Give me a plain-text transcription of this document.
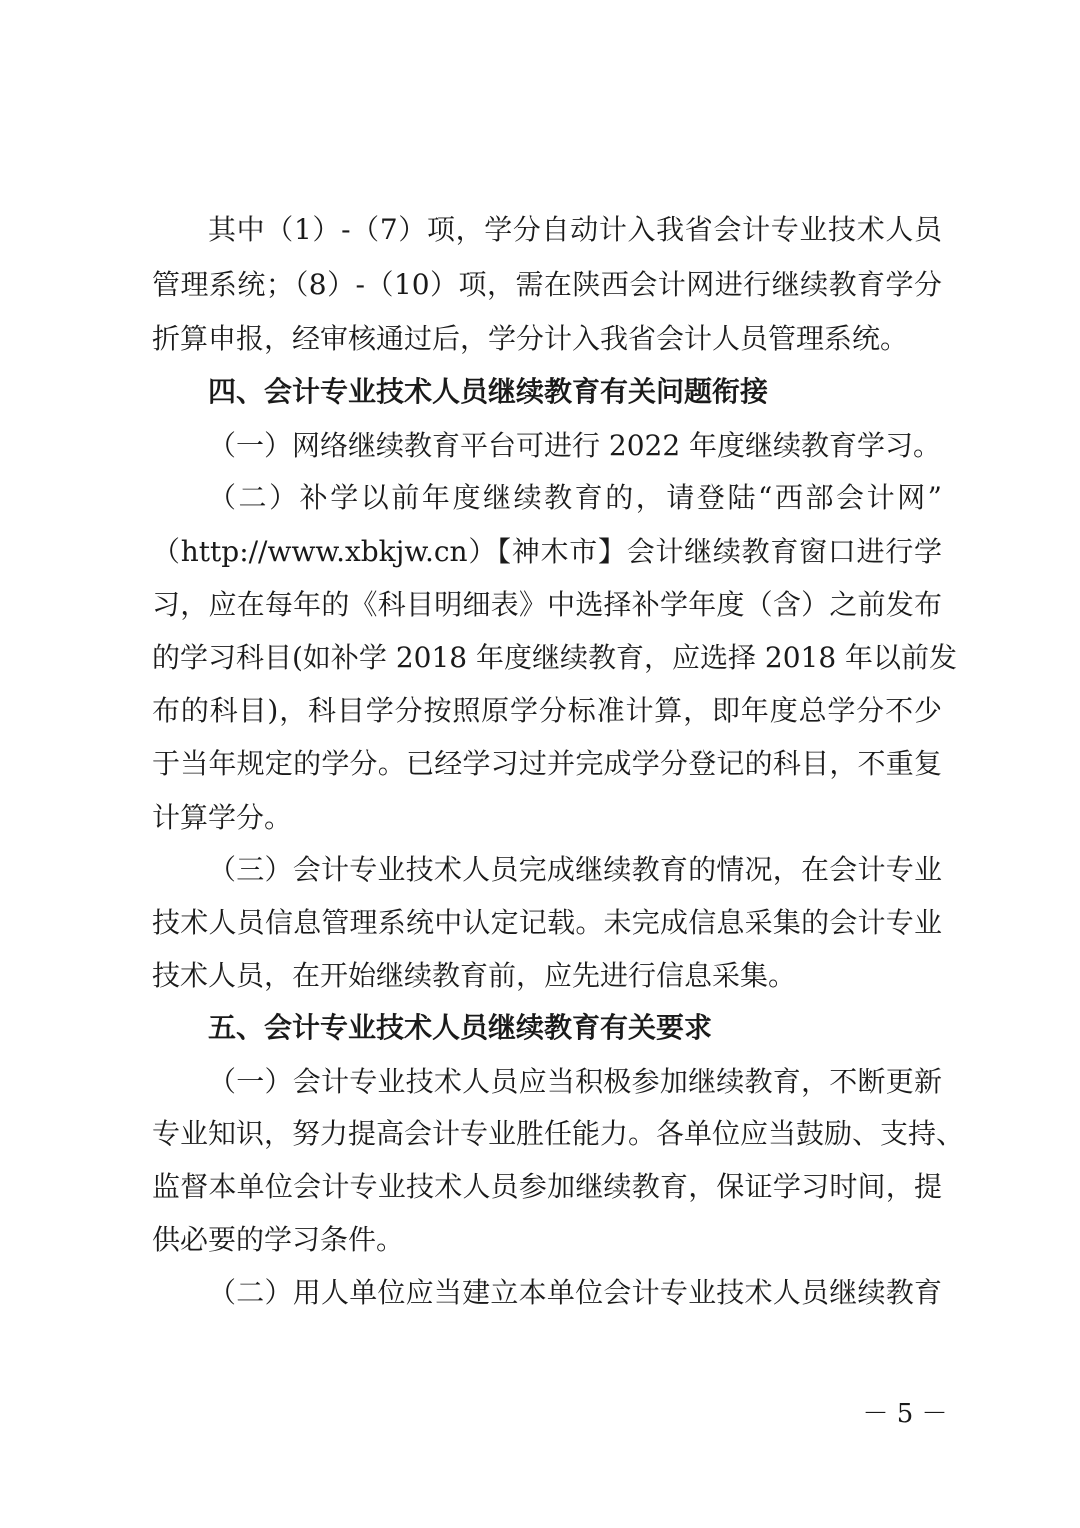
其中（1）-（7）项，学分自动计入我省会计专业技术人员
管理系统；（8）-（10）项，需在陕西会计网进行继续教育学分
折算申报，经审核通过后，学分计入我省会计人员管理系统。
四、会计专业技术人员继续教育有关问题衔接
（一）网络继续教育平台可进行 2022 年度继续教育学习。
（二）补学以前年度继续教育的，请登陆“西部会计网”
（http://www.xbkjw.cn）【神木市】会计继续教育窗口进行学
习，应在每年的《科目明细表》中选择补学年度（含）之前发布
的学习科目(如补学 2018 年度继续教育，应选择 2018 年以前发
布的科目)，科目学分按照原学分标准计算，即年度总学分不少
于当年规定的学分。已经学习过并完成学分登记的科目，不重复
计算学分。
（三）会计专业技术人员完成继续教育的情况，在会计专业
技术人员信息管理系统中认定记载。未完成信息采集的会计专业
技术人员，在开始继续教育前，应先进行信息采集。
五、会计专业技术人员继续教育有关要求
（一）会计专业技术人员应当积极参加继续教育，不断更新
专业知识，努力提高会计专业胜任能力。各单位应当鼓励、支持、
监督本单位会计专业技术人员参加继续教育，保证学习时间，提
供必要的学习条件。
（二）用人单位应当建立本单位会计专业技术人员继续教育
－ 5 －
